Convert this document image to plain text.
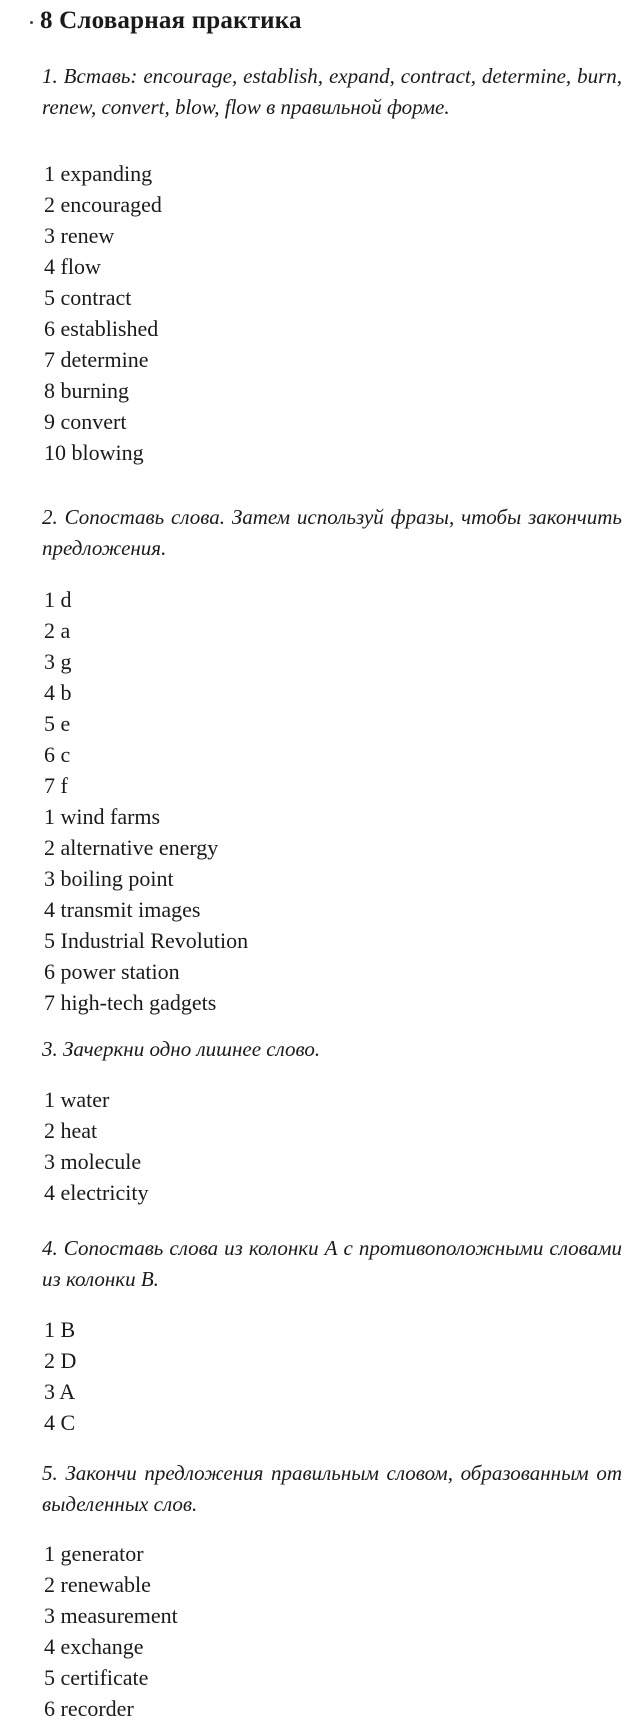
8 Словарная практика
1. Вставь: encourage, establish, expand, contract, determine, burn, renew, convert, blow, flow в правильной форме.
1 expanding
2 encouraged
3 renew
4 flow
5 contract
6 established
7 determine
8 burning
9 convert
10 blowing
2. Сопоставь слова. Затем используй фразы, чтобы закончить предложения.
1 d
2 a
3 g
4 b
5 e
6 c
7 f
1 wind farms
2 alternative energy
3 boiling point
4 transmit images
5 Industrial Revolution
6 power station
7 high-tech gadgets
3. Зачеркни одно лишнее слово.
1 water
2 heat
3 molecule
4 electricity
4. Сопоставь слова из колонки А с противоположными словами из колонки В.
1 B
2 D
3 A
4 C
5. Закончи предложения правильным словом, образованным от выделенных слов.
1 generator
2 renewable
3 measurement
4 exchange
5 certificate
6 recorder
